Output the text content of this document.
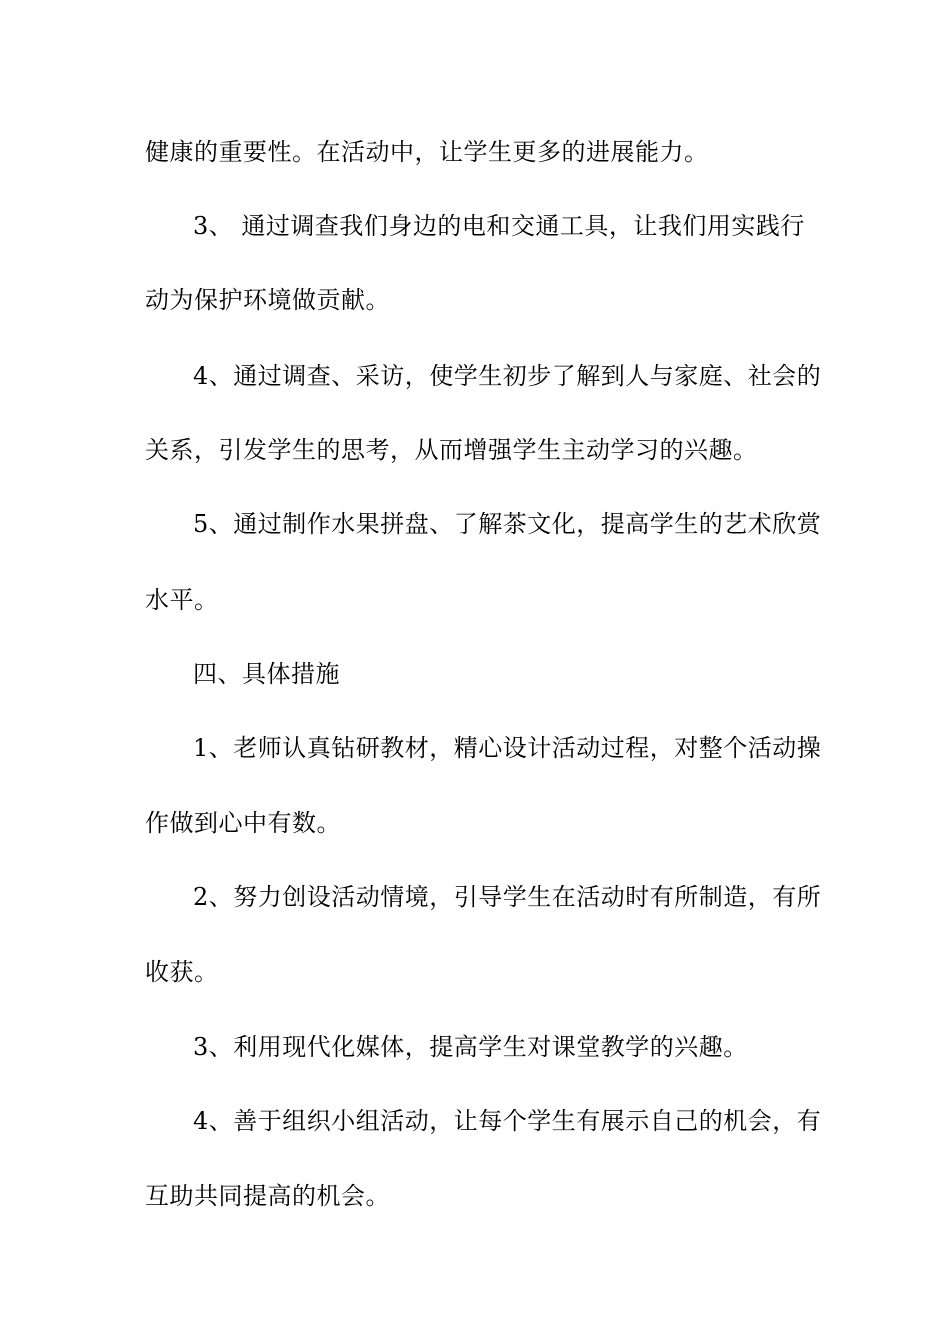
健康的重要性。在活动中，让学生更多的进展能力。
3、 通过调查我们身边的电和交通工具，让我们用实践行
动为保护环境做贡献。
4、通过调查、采访，使学生初步了解到人与家庭、社会的
关系，引发学生的思考，从而增强学生主动学习的兴趣。
5、通过制作水果拼盘、了解茶文化，提高学生的艺术欣赏
水平。
四、具体措施
1、老师认真钻研教材，精心设计活动过程，对整个活动操
作做到心中有数。
2、努力创设活动情境，引导学生在活动时有所制造，有所
收获。
3、利用现代化媒体，提高学生对课堂教学的兴趣。
4、善于组织小组活动，让每个学生有展示自己的机会，有
互助共同提高的机会。
